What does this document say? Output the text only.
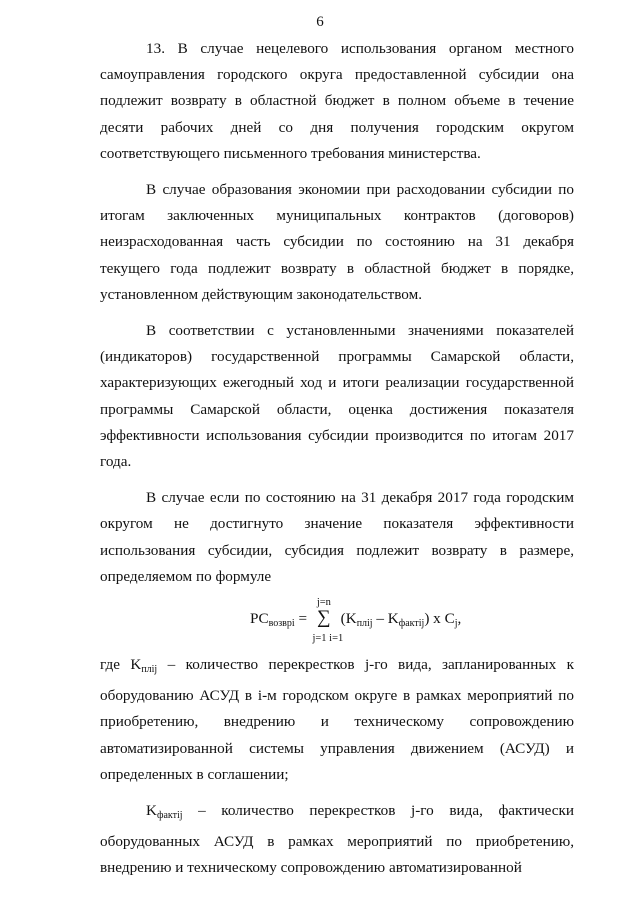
6

13. В случае нецелевого использования органом местного самоуправления городского округа предоставленной субсидии она подлежит возврату в областной бюджет в полном объеме в течение десяти рабочих дней со дня получения городским округом соответствующего письменного требования министерства.

В случае образования экономии при расходовании субсидии по итогам заключенных муниципальных контрактов (договоров) неизрасходованная часть субсидии по состоянию на 31 декабря текущего года подлежит возврату в областной бюджет в порядке, установленном действующим законодательством.

В соответствии с установленными значениями показателей (индикаторов) государственной программы Самарской области, характеризующих ежегодный ход и итоги реализации государственной программы Самарской области, оценка достижения показателя эффективности использования субсидии производится по итогам 2017 года.

В случае если по состоянию на 31 декабря 2017 года городским округом не достигнуто значение показателя эффективности использования субсидии, субсидия подлежит возврату в размере, определяемом по формуле

$PC_{возврi}$ =
j=n
∑
j=1 i=1
$(K_{плij} - K_{фактij})$ x $C_j$,

где $K_{плij}$ – количество перекрестков j-го вида, запланированных к оборудованию АСУД в i-м городском округе в рамках мероприятий по приобретению, внедрению и техническому сопровождению автоматизированной системы управления движением (АСУД) и определенных в соглашении;

$K_{фактij}$ – количество перекрестков j-го вида, фактически оборудованных АСУД в рамках мероприятий по приобретению, внедрению и техническому сопровождению автоматизированной
